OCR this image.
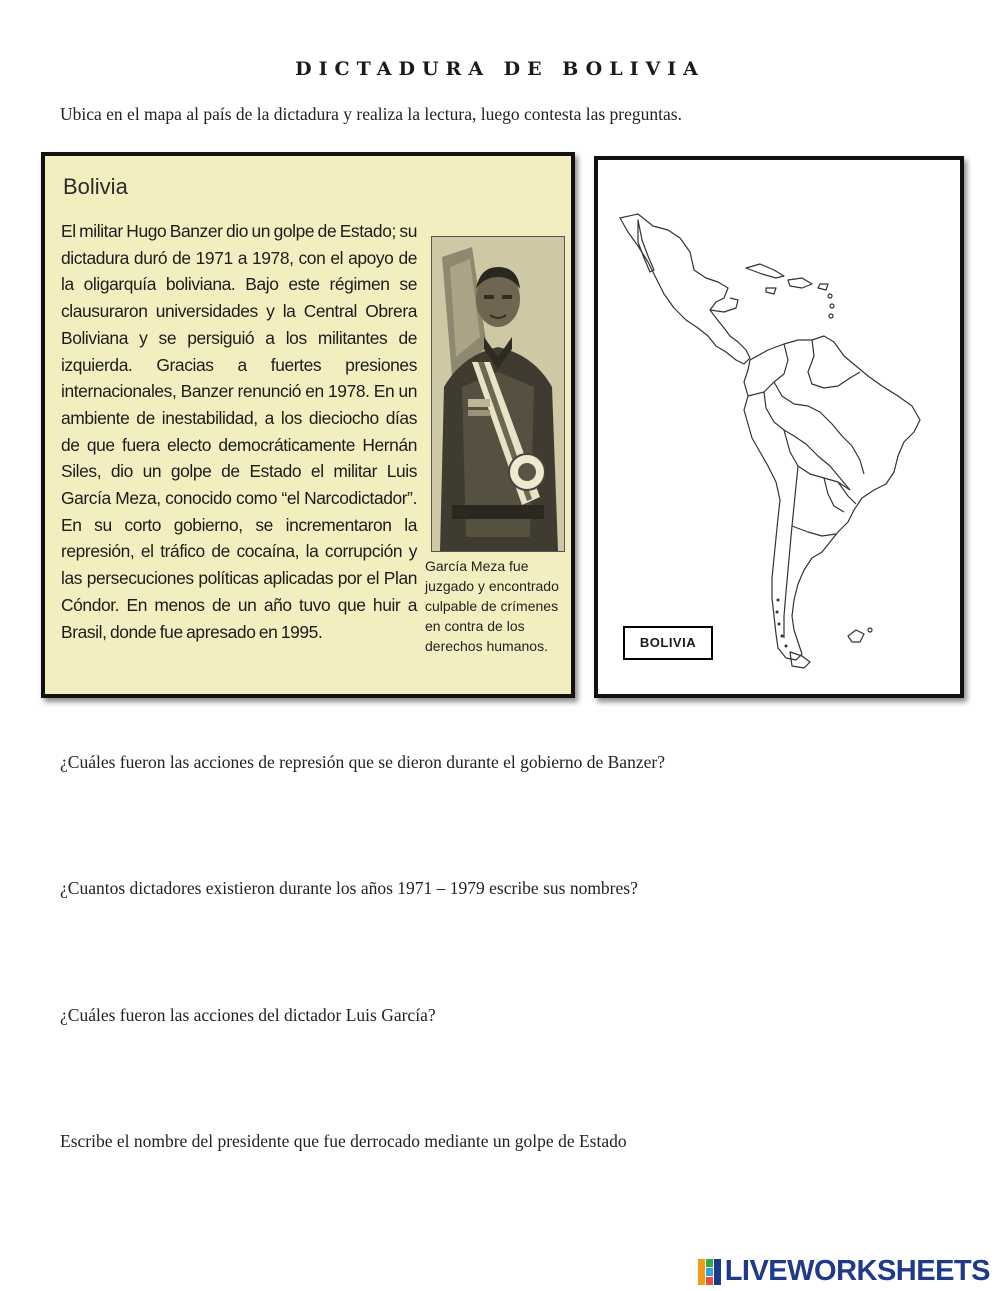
DICTADURA DE BOLIVIA
Ubica en el mapa al país de la dictadura y realiza la lectura, luego contesta las preguntas.
Bolivia
El militar Hugo Banzer dio un golpe de Estado; su dictadura duró de 1971 a 1978, con el apoyo de la oligarquía boliviana. Bajo este régimen se clausuraron universidades y la Central Obrera Boliviana y se persiguió a los militantes de izquierda. Gracias a fuertes presiones internacionales, Banzer renunció en 1978. En un ambiente de inestabilidad, a los dieciocho días de que fuera electo democráticamente Hernán Siles, dio un golpe de Estado el militar Luis García Meza, conocido como “el Narcodictador”. En su corto gobierno, se incrementaron la represión, el tráfico de cocaína, la corrupción y las persecuciones políticas aplicadas por el Plan Cóndor. En menos de un año tuvo que huir a Brasil, donde fue apresado en 1995.
García Meza fue juzgado y encontrado culpable de crímenes en contra de los derechos humanos.	BOLIVIA
¿Cuáles fueron las acciones de represión que se dieron durante el gobierno de Banzer?
¿Cuantos dictadores existieron durante los años 1971 – 1979 escribe sus nombres?
¿Cuáles fueron las acciones del dictador Luis García?
Escribe el nombre del presidente que fue derrocado mediante un golpe de Estado
LIVEWORKSHEETS
